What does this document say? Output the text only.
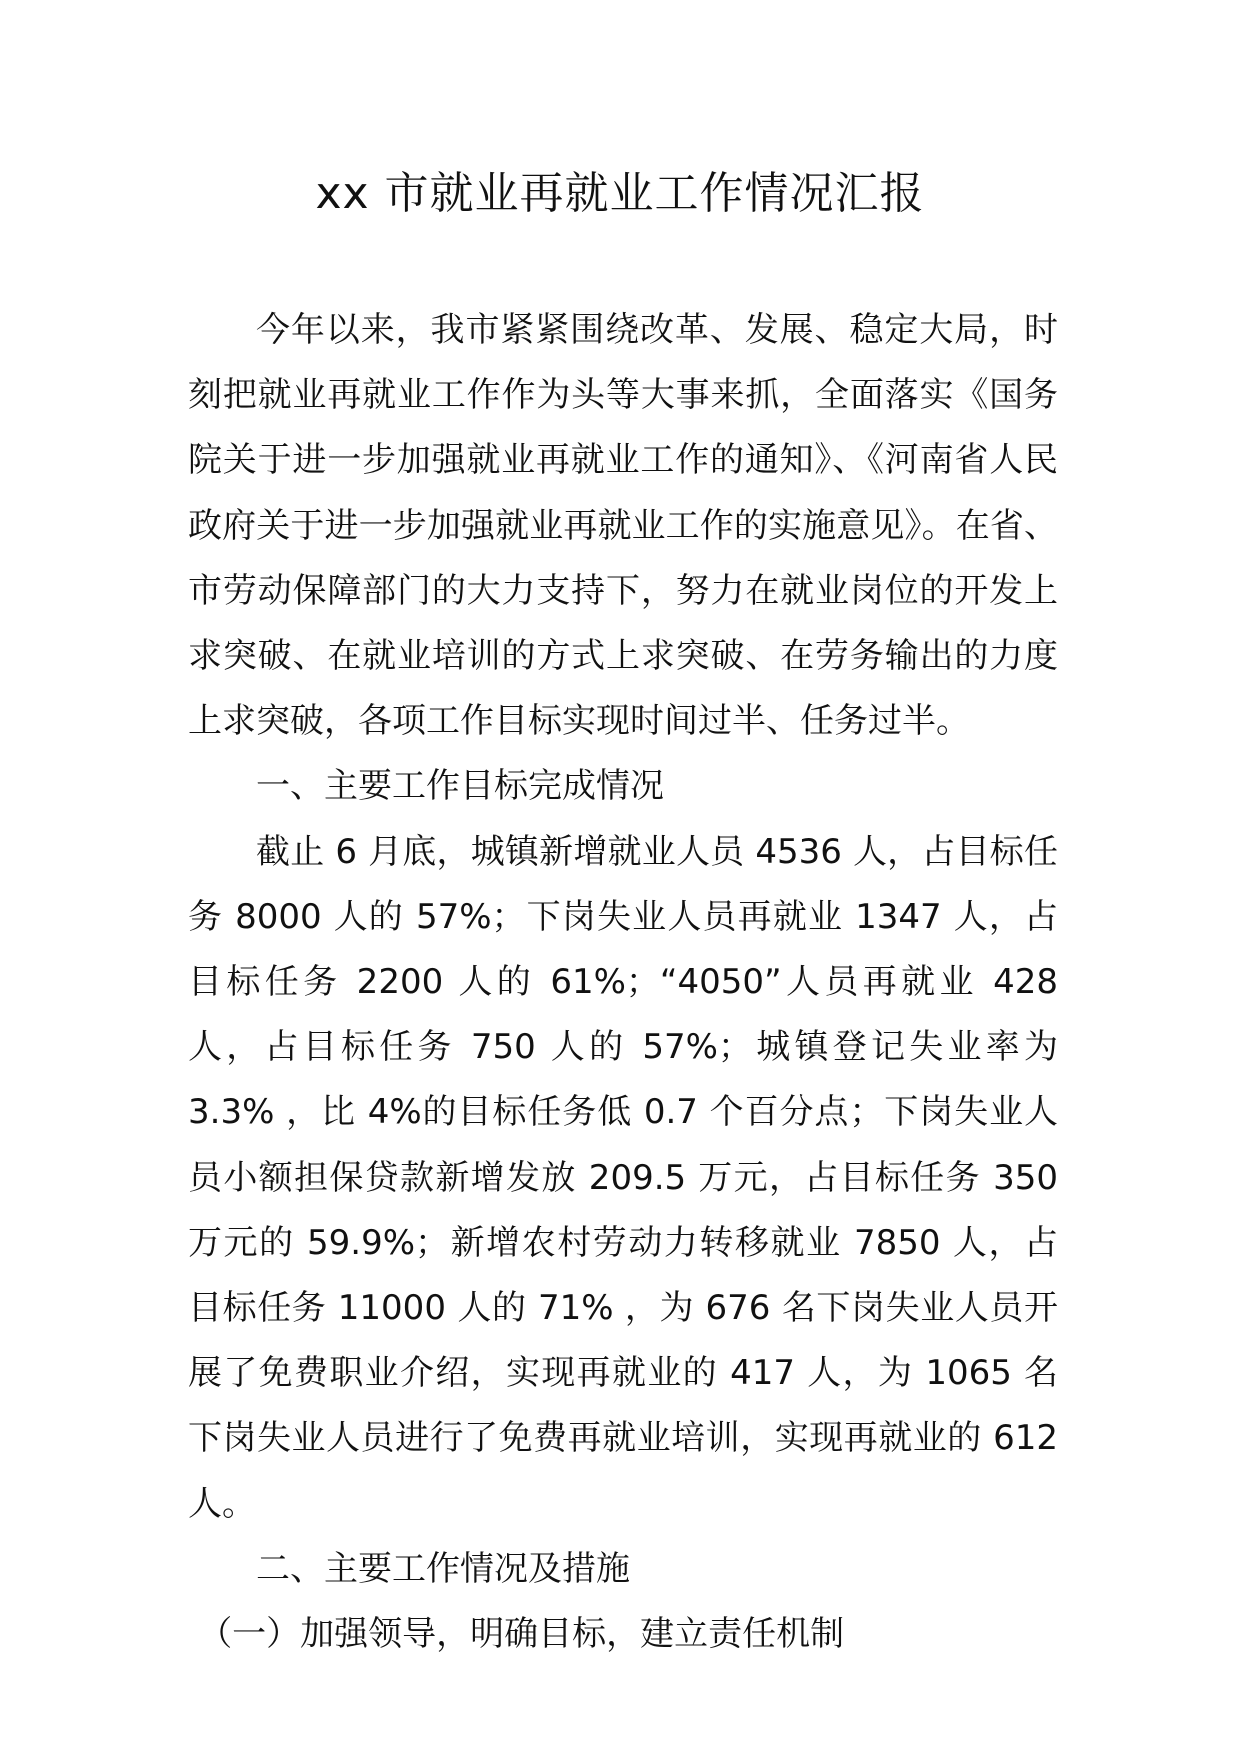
xx 市就业再就业工作情况汇报

今年以来，我市紧紧围绕改革、发展、稳定大局，时刻把就业再就业工作作为头等大事来抓，全面落实《国务院关于进一步加强就业再就业工作的通知》、《河南省人民政府关于进一步加强就业再就业工作的实施意见》。在省、市劳动保障部门的大力支持下，努力在就业岗位的开发上求突破、在就业培训的方式上求突破、在劳务输出的力度上求突破，各项工作目标实现时间过半、任务过半。

一、主要工作目标完成情况

截止 6 月底，城镇新增就业人员 4536 人，占目标任务 8000 人的 57%；下岗失业人员再就业 1347 人，占目标任务 2200 人的 61%；“4050”人员再就业 428 人，占目标任务 750 人的 57%；城镇登记失业率为 3.3% ，比 4%的目标任务低 0.7 个百分点；下岗失业人员小额担保贷款新增发放 209.5 万元，占目标任务 350 万元的 59.9%；新增农村劳动力转移就业 7850 人，占目标任务 11000 人的 71% ，为 676 名下岗失业人员开展了免费职业介绍，实现再就业的 417 人，为 1065 名下岗失业人员进行了免费再就业培训，实现再就业的 612 人。

二、主要工作情况及措施

（一）加强领导，明确目标，建立责任机制
